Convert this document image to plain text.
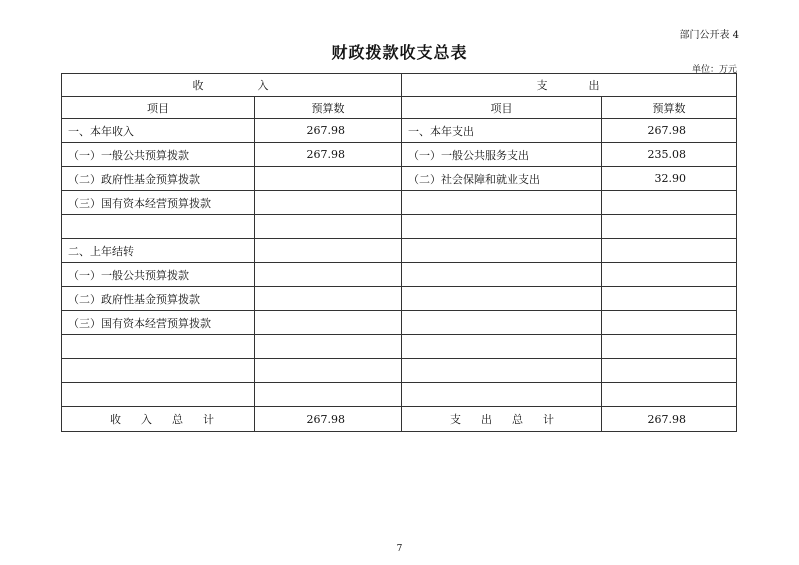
部门公开表 4
财政拨款收支总表
单位：万元
收　　　　入		支　　　出	
项目	预算数	项目	预算数
一、本年收入	267.98	一、本年支出	267.98
（一）一般公共预算拨款	267.98	（一）一般公共服务支出	235.08
（二）政府性基金预算拨款		（二）社会保障和就业支出	32.90
（三）国有资本经营预算拨款			

二、上年结转			
（一）一般公共预算拨款			
（二）政府性基金预算拨款			
（三）国有资本经营预算拨款			

收入总计	267.98	支出总计	267.98
7
